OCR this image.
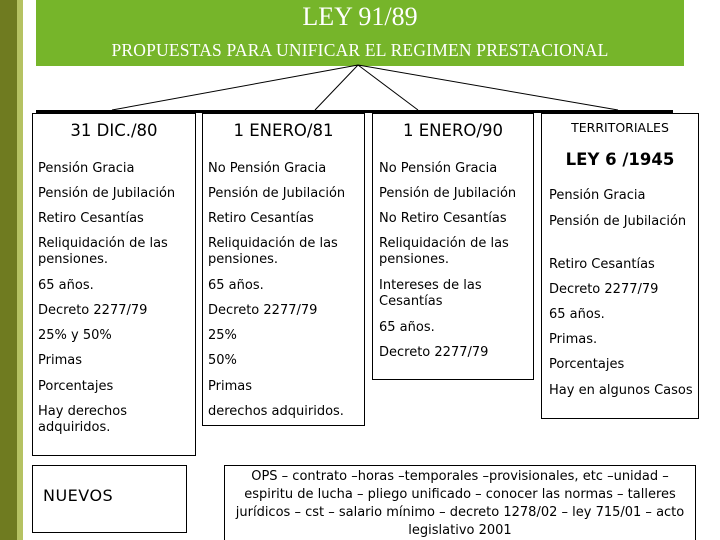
LEY 91/89
PROPUESTAS PARA UNIFICAR EL REGIMEN PRESTACIONAL
31 DIC./80
Pensión Gracia
Pensión de Jubilación
Retiro Cesantías
Reliquidación de las pensiones.
65 años.
Decreto 2277/79
25% y 50%
Primas
Porcentajes
Hay derechos adquiridos.
1 ENERO/81
No Pensión Gracia
Pensión de Jubilación
Retiro Cesantías
Reliquidación de las pensiones.
65 años.
Decreto 2277/79
25%
50%
Primas
derechos adquiridos.
1 ENERO/90
No Pensión Gracia
Pensión de Jubilación
No Retiro Cesantías
Reliquidación de las pensiones.
Intereses de las Cesantías
65 años.
Decreto 2277/79
TERRITORIALES
LEY 6 /1945
Pensión Gracia
Pensión de Jubilación
Retiro Cesantías
Decreto 2277/79
65 años.
Primas.
Porcentajes
Hay en algunos Casos
NUEVOS
OPS – contrato –horas –temporales –provisionales, etc –unidad – espiritu de lucha – pliego unificado – conocer las normas – talleres jurídicos – cst – salario mínimo – decreto 1278/02 – ley 715/01 – acto legislativo 2001
